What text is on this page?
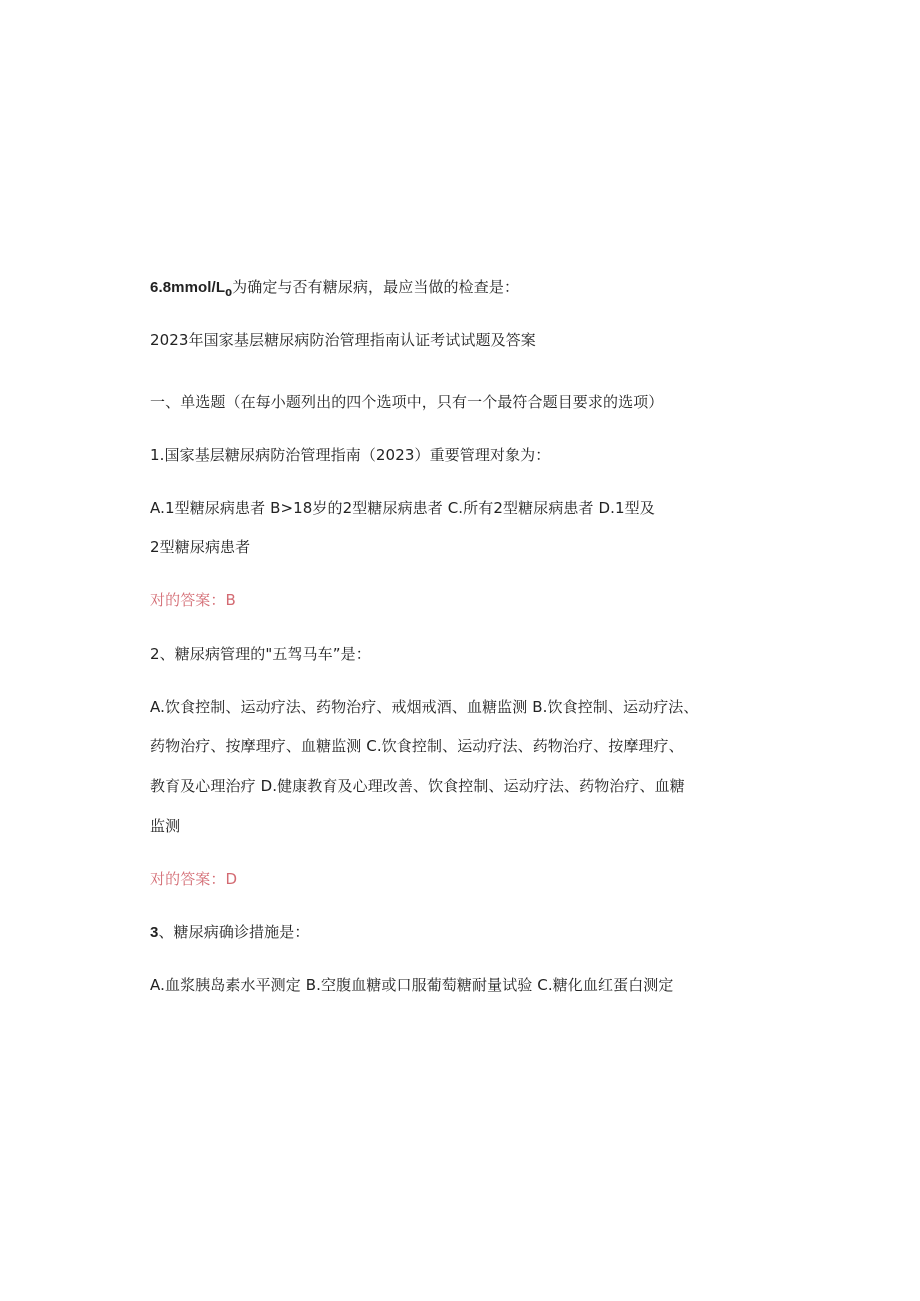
$6.8mmol/L_0$为确定与否有糖尿病，最应当做的检查是：
2023年国家基层糖尿病防治管理指南认证考试试题及答案
一、单选题（在每小题列出的四个选项中，只有一个最符合题目要求的选项）
1.国家基层糖尿病防治管理指南（2023）重要管理对象为：
A.1型糖尿病患者 B>18岁的2型糖尿病患者 C.所有2型糖尿病患者 D.1型及
2型糖尿病患者
对的答案：B
2、糖尿病管理的"五驾马车”是：
A.饮食控制、运动疗法、药物治疗、戒烟戒酒、血糖监测 B.饮食控制、运动疗法、
药物治疗、按摩理疗、血糖监测 C.饮食控制、运动疗法、药物治疗、按摩理疗、
教育及心理治疗 D.健康教育及心理改善、饮食控制、运动疗法、药物治疗、血糖
监测
对的答案：D
3、糖尿病确诊措施是：
A.血浆胰岛素水平测定 B.空腹血糖或口服葡萄糖耐量试验 C.糖化血红蛋白测定
